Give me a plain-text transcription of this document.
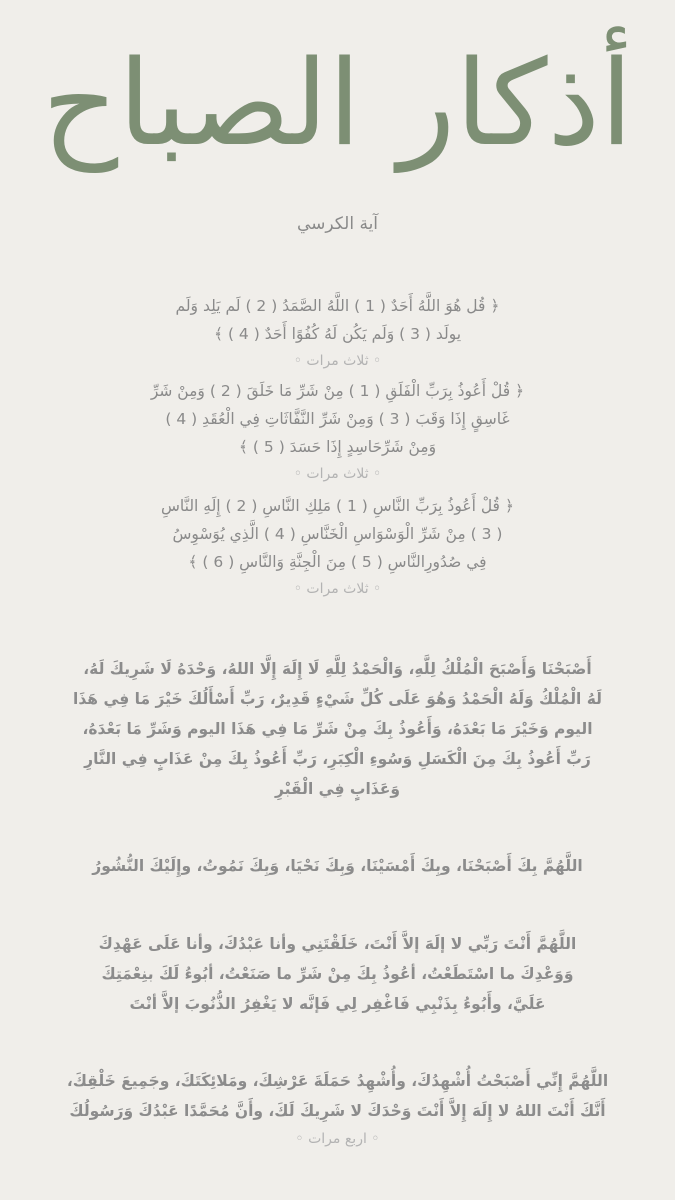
أذكار الصباح
آية الكرسي
﴿ قُل هُوَ اللَّهُ أَحَدٌ ( 1 ) اللَّهُ الصَّمَدُ ( 2 ) لَم يَلِد وَلَم
يولَد ( 3 ) وَلَم يَكُن لَهُ كُفُوًا أَحَدٌ ( 4 ) ﴾
◦ ثلاث مرات ◦
﴿ قُلْ أَعُوذُ بِرَبِّ الْفَلَقِ ( 1 ) مِنْ شَرِّ مَا خَلَقَ ( 2 ) وَمِنْ شَرِّ
غَاسِقٍ إِذَا وَقَبَ ( 3 ) وَمِنْ شَرِّ النَّفَّاثَاتِ فِي الْعُقَدِ ( 4 )
وَمِنْ شَرِّحَاسِدٍ إِذَا حَسَدَ ( 5 ) ﴾
◦ ثلاث مرات ◦
﴿ قُلْ أَعُوذُ بِرَبِّ النَّاسِ ( 1 ) مَلِكِ النَّاسِ ( 2 ) إِلَهِ النَّاسِ
( 3 ) مِنْ شَرِّ الْوَسْوَاسِ الْخَنَّاسِ ( 4 ) الَّذِي يُوَسْوِسُ
فِي صُدُورِالنَّاسِ ( 5 ) مِنَ الْجِنَّةِ وَالنَّاسِ ( 6 ) ﴾
◦ ثلاث مرات ◦
أَصْبَحْنَا وَأَصْبَحَ الْمُلْكُ لِلَّهِ، وَالْحَمْدُ لِلَّهِ لَا إِلَهَ إِلَّا اللهُ، وَحْدَهُ لَا شَرِيكَ لَهُ،
لَهُ الْمُلْكُ وَلَهُ الْحَمْدُ وَهُوَ عَلَى كُلِّ شَيْءٍ قَدِيرٌ، رَبِّ أَسْأَلُكَ خَيْرَ مَا فِي هَذَا
اليوم وَخَيْرَ مَا بَعْدَهُ، وَأَعُوذُ بِكَ مِنْ شَرِّ مَا فِي هَذَا اليوم وَشَرِّ مَا بَعْدَهُ،
رَبِّ أَعُوذُ بِكَ مِنَ الْكَسَلِ وَسُوءِ الْكِبَرِ، رَبِّ أَعُوذُ بِكَ مِنْ عَذَابٍ فِي النَّارِ
وَعَذَابٍ فِي الْقَبْرِ
اللَّهُمَّ بِكَ أَصْبَحْنَا، وبِكَ أَمْسَيْنَا، وَبِكَ نَحْيَا، وَبِكَ نَمُوتُ، وإِلَيْكَ النُّشُورُ
اللَّهُمَّ أَنْتَ رَبِّي لا إلَهَ إلاَّ أَنْتَ، خَلَقْتَنِي وأنا عَبْدُكَ، وأنا عَلَى عَهْدِكَ
وَوَعْدِكَ ما اسْتَطَعْتُ، أعُوذُ بِكَ مِنْ شَرِّ ما صَنَعْتُ، أبُوءُ لَكَ بنِعْمَتِكَ
عَلَيَّ، وأَبُوءُ بِذَنْبِي فَاغْفِر لِي فَإنَّه لا يَغْفِرُ الذُّنُوبَ إلاَّ أنْتَ
اللَّهُمَّ إِنِّي أَصْبَحْتُ أُشْهِدُكَ، وأُشْهِدُ حَمَلَةَ عَرْشِكَ، ومَلائِكَتَكَ، وجَمِيعَ خَلْقِكَ،
أَنَّكَ أَنْتَ اللهُ لا إِلَهَ إِلاَّ أَنْتَ وَحْدَكَ لا شَرِيكَ لَكَ، وأَنَّ مُحَمَّدًا عَبْدُكَ وَرَسُولُكَ
◦ اربع مرات ◦
